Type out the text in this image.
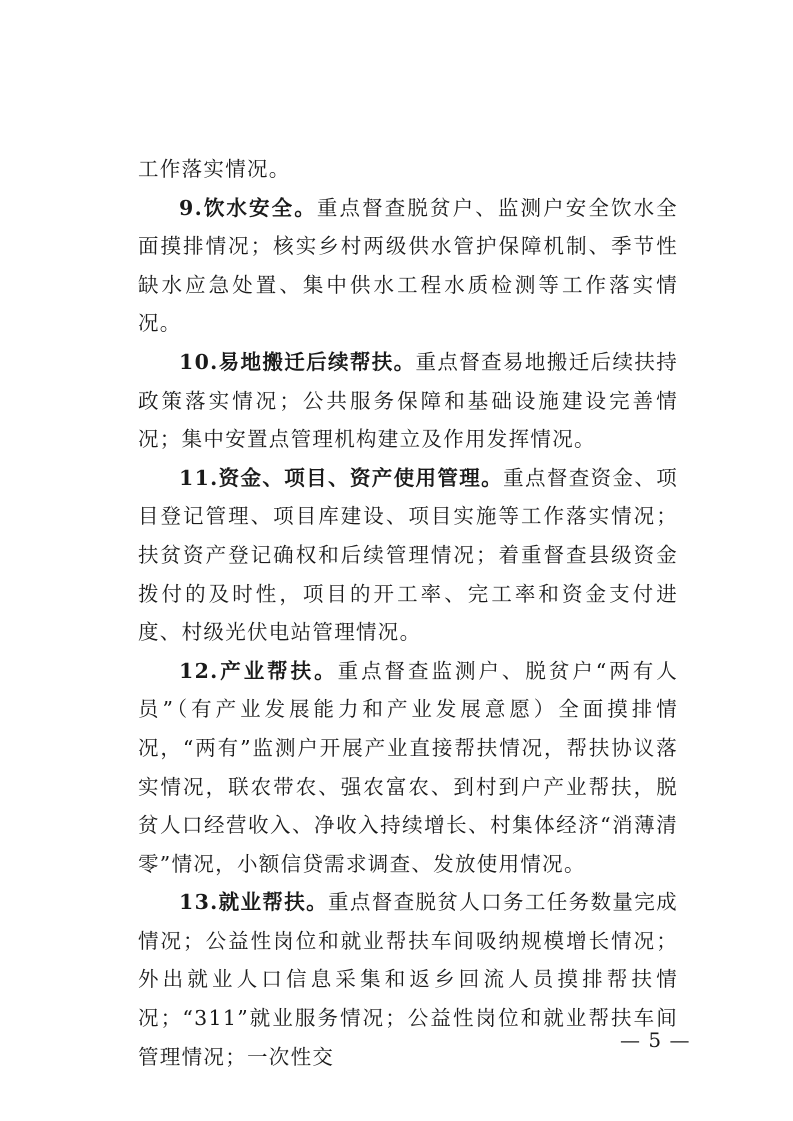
工作落实情况。

9.饮水安全。重点督查脱贫户、监测户安全饮水全面摸排情况；核实乡村两级供水管护保障机制、季节性缺水应急处置、集中供水工程水质检测等工作落实情况。

10.易地搬迁后续帮扶。重点督查易地搬迁后续扶持政策落实情况；公共服务保障和基础设施建设完善情况；集中安置点管理机构建立及作用发挥情况。

11.资金、项目、资产使用管理。重点督查资金、项目登记管理、项目库建设、项目实施等工作落实情况；扶贫资产登记确权和后续管理情况；着重督查县级资金拨付的及时性，项目的开工率、完工率和资金支付进度、村级光伏电站管理情况。

12.产业帮扶。重点督查监测户、脱贫户“两有人员”（有产业发展能力和产业发展意愿）全面摸排情况，“两有”监测户开展产业直接帮扶情况，帮扶协议落实情况，联农带农、强农富农、到村到户产业帮扶，脱贫人口经营收入、净收入持续增长、村集体经济“消薄清零”情况，小额信贷需求调查、发放使用情况。

13.就业帮扶。重点督查脱贫人口务工任务数量完成情况；公益性岗位和就业帮扶车间吸纳规模增长情况；外出就业人口信息采集和返乡回流人员摸排帮扶情况；“311”就业服务情况；公益性岗位和就业帮扶车间管理情况；一次性交

— 5 —
